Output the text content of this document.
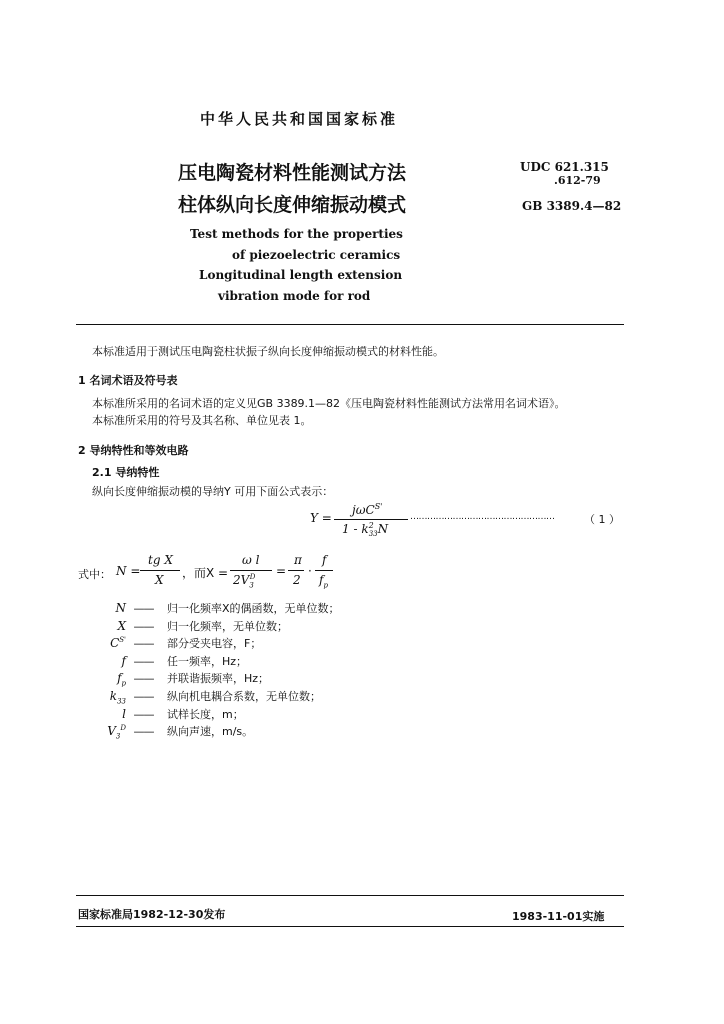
中华人民共和国国家标准
压电陶瓷材料性能测试方法
柱体纵向长度伸缩振动模式
UDC 621.315
.612-79
GB 3389.4—82
Test methods for the properties
of piezoelectric ceramics
Longitudinal length extension
vibration mode for rod
本标准适用于测试压电陶瓷柱状振子纵向长度伸缩振动模式的材料性能。
1 名词术语及符号表
本标准所采用的名词术语的定义见GB 3389.1—82《压电陶瓷材料性能测试方法常用名词术语》。
本标准所采用的符号及其名称、单位见表 1。
2 导纳特性和等效电路
2.1 导纳特性
纵向长度伸缩振动模的导纳Y 可用下面公式表示：
Y =
jωC$^{S'}$
$1 - k^2_{33}N$
……………………………………………	（ 1 ）
式中： N =
tg X
X ，而X =
ω l
$2V_3^D$ =
π
2
·
f
$f_p$
N —— 归一化频率X的偶函数，无单位数；
X —— 归一化频率，无单位数；
$C^{S'}$ —— 部分受夹电容，F；
f —— 任一频率，Hz；
$f_p$ —— 并联谐振频率，Hz；
$k_{33}$ —— 纵向机电耦合系数，无单位数；
l —— 试样长度，m；
$V_3^D$ —— 纵向声速，m/s。
国家标准局1982-12-30发布	1983-11-01实施
